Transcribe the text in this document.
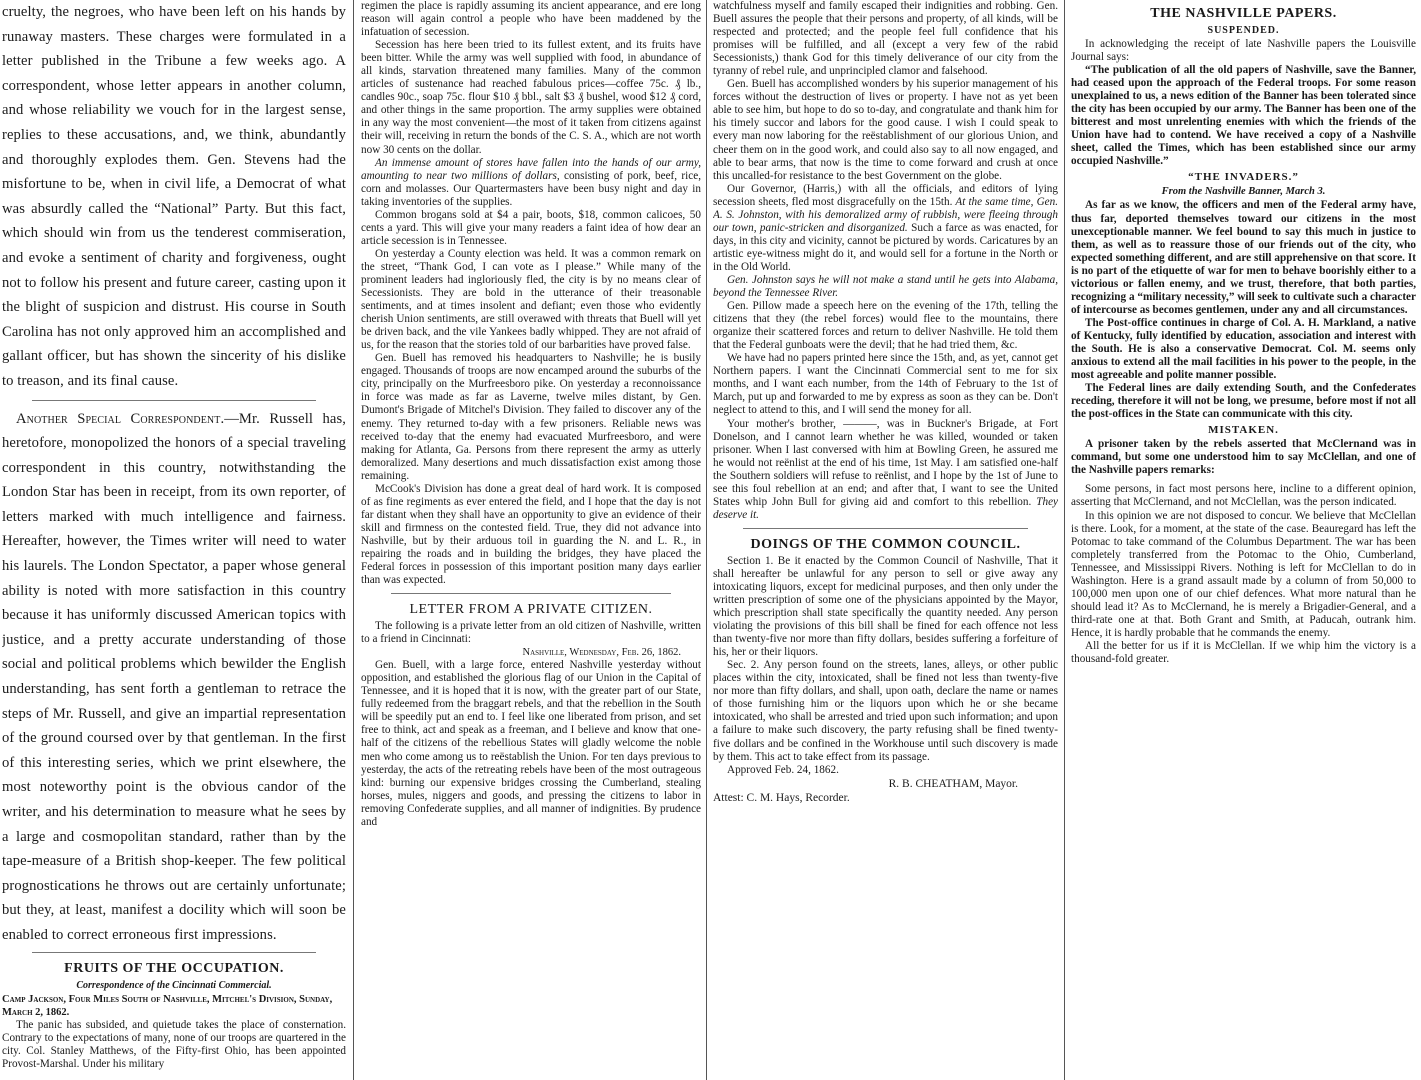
cruelty, the negroes, who have been left on his hands by runaway masters. These charges were formulated in a letter published in the Tribune a few weeks ago. A correspondent, whose letter appears in another column, and whose reliability we vouch for in the largest sense, replies to these accusations, and, we think, abundantly and thoroughly explodes them. Gen. Stevens had the misfortune to be, when in civil life, a Democrat of what was absurdly called the “National” Party. But this fact, which should win from us the tenderest commiseration, and evoke a sentiment of charity and forgiveness, ought not to follow his present and future career, casting upon it the blight of suspicion and distrust. His course in South Carolina has not only approved him an accomplished and gallant officer, but has shown the sincerity of his dislike to treason, and its final cause.

Another Special Correspondent.—Mr. Russell has, heretofore, monopolized the honors of a special traveling correspondent in this country, notwithstanding the London Star has been in receipt, from its own reporter, of letters marked with much intelligence and fairness. Hereafter, however, the Times writer will need to water his laurels. The London Spectator, a paper whose general ability is noted with more satisfaction in this country because it has uniformly discussed American topics with justice, and a pretty accurate understanding of those social and political problems which bewilder the English understanding, has sent forth a gentleman to retrace the steps of Mr. Russell, and give an impartial representation of the ground coursed over by that gentleman. In the first of this interesting series, which we print elsewhere, the most noteworthy point is the obvious candor of the writer, and his determination to measure what he sees by a large and cosmopolitan standard, rather than by the tape-measure of a British shop-keeper. The few political prognostications he throws out are certainly unfortunate; but they, at least, manifest a docility which will soon be enabled to correct erroneous first impressions.

FRUITS OF THE OCCUPATION.
Correspondence of the Cincinnati Commercial.
Camp Jackson, Four Miles South of Nashville, Mitchel's Division, Sunday, March 2, 1862.

The panic has subsided, and quietude takes the place of consternation. Contrary to the expectations of many, none of our troops are quartered in the city. Col. Stanley Matthews, of the Fifty-first Ohio, has been appointed Provost-Marshal. Under his military

regimen the place is rapidly assuming its ancient appearance, and ere long reason will again control a people who have been maddened by the infatuation of secession.

Secession has here been tried to its fullest extent, and its fruits have been bitter. While the army was well supplied with food, in abundance of all kinds, starvation threatened many families. Many of the common articles of sustenance had reached fabulous prices—coffee 75c. ₰ lb., candles 90c., soap 75c. flour $10 ₰ bbl., salt $3 ₰ bushel, wood $12 ₰ cord, and other things in the same proportion. The army supplies were obtained in any way the most convenient—the most of it taken from citizens against their will, receiving in return the bonds of the C. S. A., which are not worth now 30 cents on the dollar.

An immense amount of stores have fallen into the hands of our army, amounting to near two millions of dollars, consisting of pork, beef, rice, corn and molasses. Our Quartermasters have been busy night and day in taking inventories of the supplies.

Common brogans sold at $4 a pair, boots, $18, common calicoes, 50 cents a yard. This will give your many readers a faint idea of how dear an article secession is in Tennessee.

On yesterday a County election was held. It was a common remark on the street, “Thank God, I can vote as I please.” While many of the prominent leaders had ingloriously fled, the city is by no means clear of Secessionists. They are bold in the utterance of their treasonable sentiments, and at times insolent and defiant; even those who evidently cherish Union sentiments, are still overawed with threats that Buell will yet be driven back, and the vile Yankees badly whipped. They are not afraid of us, for the reason that the stories told of our barbarities have proved false.

Gen. Buell has removed his headquarters to Nashville; he is busily engaged. Thousands of troops are now encamped around the suburbs of the city, principally on the Murfreesboro pike. On yesterday a reconnoissance in force was made as far as Laverne, twelve miles distant, by Gen. Dumont's Brigade of Mitchel's Division. They failed to discover any of the enemy. They returned to-day with a few prisoners. Reliable news was received to-day that the enemy had evacuated Murfreesboro, and were making for Atlanta, Ga. Persons from there represent the army as utterly demoralized. Many desertions and much dissatisfaction exist among those remaining.

McCook's Division has done a great deal of hard work. It is composed of as fine regiments as ever entered the field, and I hope that the day is not far distant when they shall have an opportunity to give an evidence of their skill and firmness on the contested field. True, they did not advance into Nashville, but by their arduous toil in guarding the N. and L. R., in repairing the roads and in building the bridges, they have placed the Federal forces in possession of this important position many days earlier than was expected.

LETTER FROM A PRIVATE CITIZEN.

The following is a private letter from an old citizen of Nashville, written to a friend in Cincinnati:

Nashville, Wednesday, Feb. 26, 1862.

Gen. Buell, with a large force, entered Nashville yesterday without opposition, and established the glorious flag of our Union in the Capital of Tennessee, and it is hoped that it is now, with the greater part of our State, fully redeemed from the braggart rebels, and that the rebellion in the South will be speedily put an end to. I feel like one liberated from prison, and set free to think, act and speak as a freeman, and I believe and know that one-half of the citizens of the rebellious States will gladly welcome the noble men who come among us to reëstablish the Union. For ten days previous to yesterday, the acts of the retreating rebels have been of the most outrageous kind: burning our expensive bridges crossing the Cumberland, stealing horses, mules, niggers and goods, and pressing the citizens to labor in removing Confederate supplies, and all manner of indignities. By prudence and

watchfulness myself and family escaped their indignities and robbing. Gen. Buell assures the people that their persons and property, of all kinds, will be respected and protected; and the people feel full confidence that his promises will be fulfilled, and all (except a very few of the rabid Secessionists,) thank God for this timely deliverance of our city from the tyranny of rebel rule, and unprincipled clamor and falsehood.

Gen. Buell has accomplished wonders by his superior management of his forces without the destruction of lives or property. I have not as yet been able to see him, but hope to do so to-day, and congratulate and thank him for his timely succor and labors for the good cause. I wish I could speak to every man now laboring for the reëstablishment of our glorious Union, and cheer them on in the good work, and could also say to all now engaged, and able to bear arms, that now is the time to come forward and crush at once this uncalled-for resistance to the best Government on the globe.

Our Governor, (Harris,) with all the officials, and editors of lying secession sheets, fled most disgracefully on the 15th. At the same time, Gen. A. S. Johnston, with his demoralized army of rubbish, were fleeing through our town, panic-stricken and disorganized. Such a farce as was enacted, for days, in this city and vicinity, cannot be pictured by words. Caricatures by an artistic eye-witness might do it, and would sell for a fortune in the North or in the Old World.

Gen. Johnston says he will not make a stand until he gets into Alabama, beyond the Tennessee River.

Gen. Pillow made a speech here on the evening of the 17th, telling the citizens that they (the rebel forces) would flee to the mountains, there organize their scattered forces and return to deliver Nashville. He told them that the Federal gunboats were the devil; that he had tried them, &c.

We have had no papers printed here since the 15th, and, as yet, cannot get Northern papers. I want the Cincinnati Commercial sent to me for six months, and I want each number, from the 14th of February to the 1st of March, put up and forwarded to me by express as soon as they can be. Don't neglect to attend to this, and I will send the money for all.

Your mother's brother, ———, was in Buckner's Brigade, at Fort Donelson, and I cannot learn whether he was killed, wounded or taken prisoner. When I last conversed with him at Bowling Green, he assured me he would not reënlist at the end of his time, 1st May. I am satisfied one-half the Southern soldiers will refuse to reënlist, and I hope by the 1st of June to see this foul rebellion at an end; and after that, I want to see the United States whip John Bull for giving aid and comfort to this rebellion. They deserve it.

DOINGS OF THE COMMON COUNCIL.

Section 1. Be it enacted by the Common Council of Nashville, That it shall hereafter be unlawful for any person to sell or give away any intoxicating liquors, except for medicinal purposes, and then only under the written prescription of some one of the physicians appointed by the Mayor, which prescription shall state specifically the quantity needed. Any person violating the provisions of this bill shall be fined for each offence not less than twenty-five nor more than fifty dollars, besides suffering a forfeiture of his, her or their liquors.

Sec. 2. Any person found on the streets, lanes, alleys, or other public places within the city, intoxicated, shall be fined not less than twenty-five nor more than fifty dollars, and shall, upon oath, declare the name or names of those furnishing him or the liquors upon which he or she became intoxicated, who shall be arrested and tried upon such information; and upon a failure to make such discovery, the party refusing shall be fined twenty-five dollars and be confined in the Workhouse until such discovery is made by them. This act to take effect from its passage.

Approved Feb. 24, 1862.

R. B. CHEATHAM, Mayor.
Attest: C. M. Hays, Recorder.
THE NASHVILLE PAPERS.
SUSPENDED.

In acknowledging the receipt of late Nashville papers the Louisville Journal says:

“The publication of all the old papers of Nashville, save the Banner, had ceased upon the approach of the Federal troops. For some reason unexplained to us, a news edition of the Banner has been tolerated since the city has been occupied by our army. The Banner has been one of the bitterest and most unrelenting enemies with which the friends of the Union have had to contend. We have received a copy of a Nashville sheet, called the Times, which has been established since our army occupied Nashville.”

“THE INVADERS.”
From the Nashville Banner, March 3.

As far as we know, the officers and men of the Federal army have, thus far, deported themselves toward our citizens in the most unexceptionable manner. We feel bound to say this much in justice to them, as well as to reassure those of our friends out of the city, who expected something different, and are still apprehensive on that score. It is no part of the etiquette of war for men to behave boorishly either to a victorious or fallen enemy, and we trust, therefore, that both parties, recognizing a “military necessity,” will seek to cultivate such a character of intercourse as becomes gentlemen, under any and all circumstances.

The Post-office continues in charge of Col. A. H. Markland, a native of Kentucky, fully identified by education, association and interest with the South. He is also a conservative Democrat. Col. M. seems only anxious to extend all the mail facilities in his power to the people, in the most agreeable and polite manner possible.

The Federal lines are daily extending South, and the Confederates receding, therefore it will not be long, we presume, before most if not all the post-offices in the State can communicate with this city.

MISTAKEN.

A prisoner taken by the rebels asserted that McClernand was in command, but some one understood him to say McClellan, and one of the Nashville papers remarks:

Some persons, in fact most persons here, incline to a different opinion, asserting that McClernand, and not McClellan, was the person indicated.

In this opinion we are not disposed to concur. We believe that McClellan is there. Look, for a moment, at the state of the case. Beauregard has left the Potomac to take command of the Columbus Department. The war has been completely transferred from the Potomac to the Ohio, Cumberland, Tennessee, and Mississippi Rivers. Nothing is left for McClellan to do in Washington. Here is a grand assault made by a column of from 50,000 to 100,000 men upon one of our chief defences. What more natural than he should lead it? As to McClernand, he is merely a Brigadier-General, and a third-rate one at that. Both Grant and Smith, at Paducah, outrank him. Hence, it is hardly probable that he commands the enemy.

All the better for us if it is McClellan. If we whip him the victory is a thousand-fold greater.
